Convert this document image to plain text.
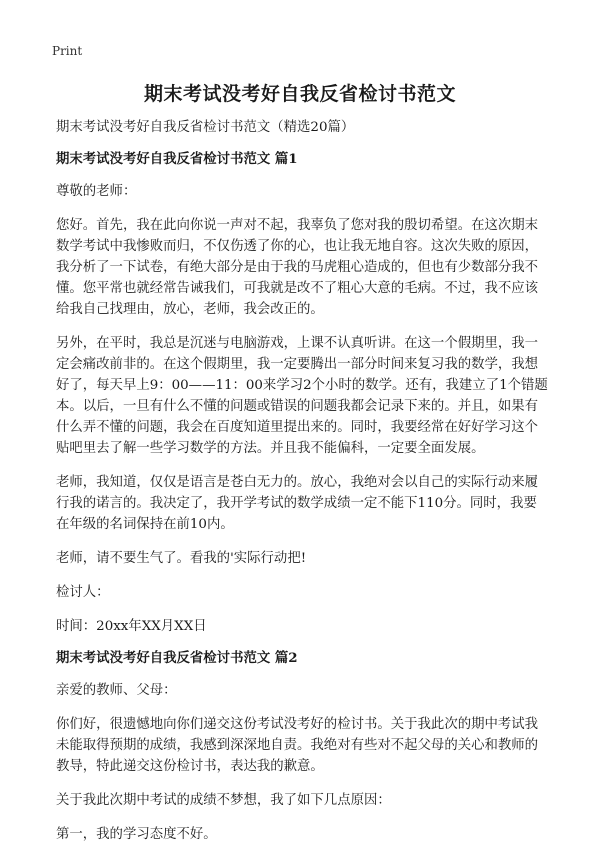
Print
期末考试没考好自我反省检讨书范文

期末考试没考好自我反省检讨书范文（精选20篇）

期末考试没考好自我反省检讨书范文 篇1

尊敬的老师：

您好。首先，我在此向你说一声对不起，我辜负了您对我的殷切希望。在这次期末

数学考试中我惨败而归，不仅伤透了你的心，也让我无地自容。这次失败的原因，

我分析了一下试卷，有绝大部分是由于我的马虎粗心造成的，但也有少数部分我不

懂。您平常也就经常告诫我们，可我就是改不了粗心大意的毛病。不过，我不应该

给我自己找理由，放心，老师，我会改正的。

另外，在平时，我总是沉迷与电脑游戏，上课不认真听讲。在这一个假期里，我一

定会痛改前非的。在这个假期里，我一定要腾出一部分时间来复习我的数学，我想

好了，每天早上9：00——11：00来学习2个小时的数学。还有，我建立了1个错题

本。以后，一旦有什么不懂的问题或错误的问题我都会记录下来的。并且，如果有

什么弄不懂的问题，我会在百度知道里提出来的。同时，我要经常在好好学习这个

贴吧里去了解一些学习数学的方法。并且我不能偏科，一定要全面发展。

老师，我知道，仅仅是语言是苍白无力的。放心，我绝对会以自己的实际行动来履

行我的诺言的。我决定了，我开学考试的数学成绩一定不能下110分。同时，我要

在年级的名词保持在前10内。

老师，请不要生气了。看我的'实际行动把!

检讨人：

时间：20xx年XX月XX日

期末考试没考好自我反省检讨书范文 篇2

亲爱的教师、父母：

你们好，很遗憾地向你们递交这份考试没考好的检讨书。关于我此次的期中考试我

未能取得预期的成绩，我感到深深地自责。我绝对有些对不起父母的关心和教师的

教导，特此递交这份检讨书，表达我的歉意。

关于我此次期中考试的成绩不梦想，我了如下几点原因：

第一，我的学习态度不好。
